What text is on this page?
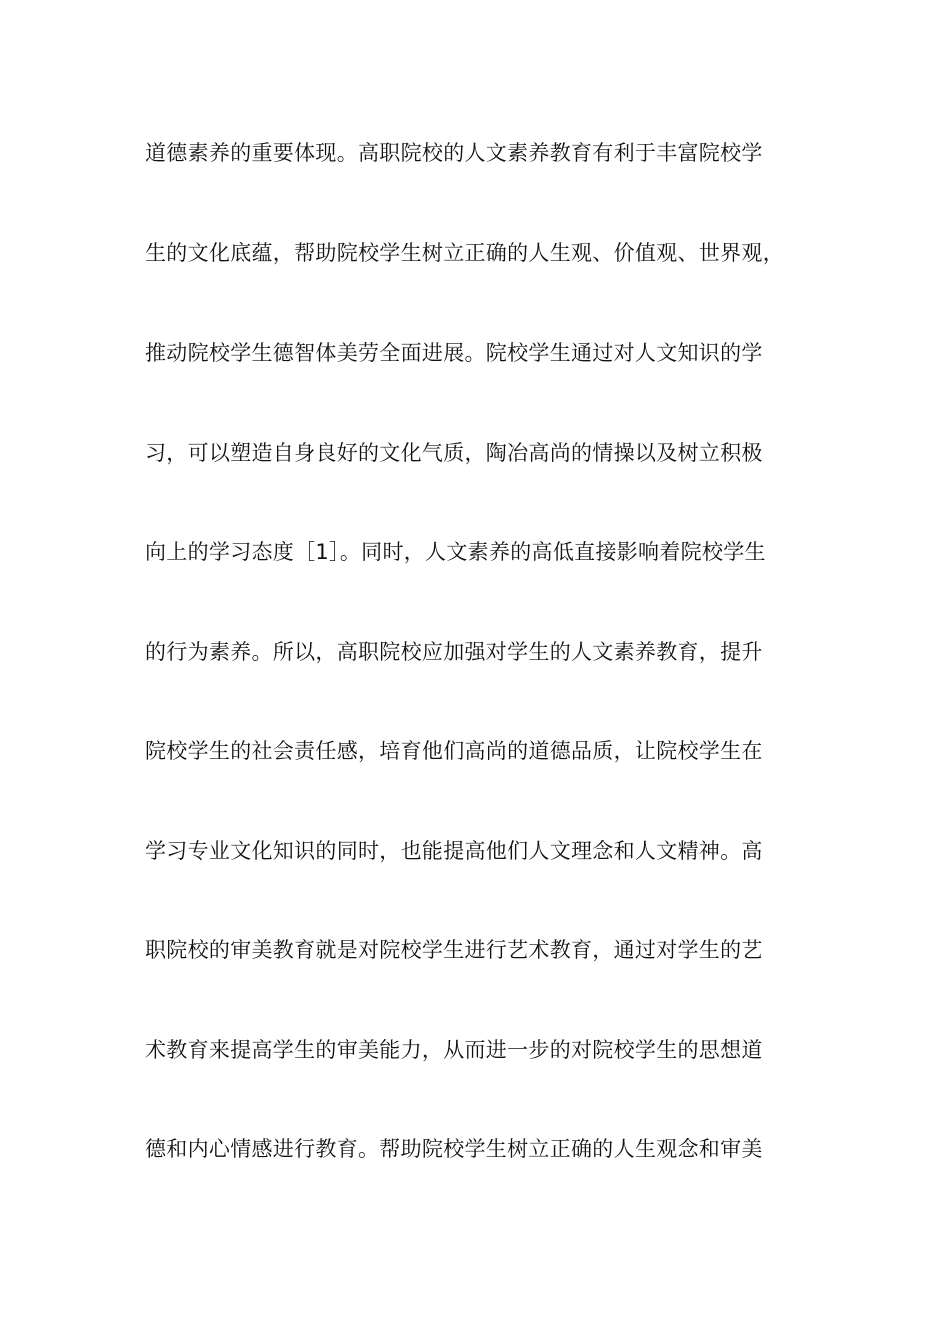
道德素养的重要体现。高职院校的人文素养教育有利于丰富院校学
生的文化底蕴，帮助院校学生树立正确的人生观、价值观、世界观，
推动院校学生德智体美劳全面进展。院校学生通过对人文知识的学
习，可以塑造自身良好的文化气质，陶冶高尚的情操以及树立积极
向上的学习态度［1］。同时，人文素养的高低直接影响着院校学生
的行为素养。所以，高职院校应加强对学生的人文素养教育，提升
院校学生的社会责任感，培育他们高尚的道德品质，让院校学生在
学习专业文化知识的同时，也能提高他们人文理念和人文精神。高
职院校的审美教育就是对院校学生进行艺术教育，通过对学生的艺
术教育来提高学生的审美能力，从而进一步的对院校学生的思想道
德和内心情感进行教育。帮助院校学生树立正确的人生观念和审美
